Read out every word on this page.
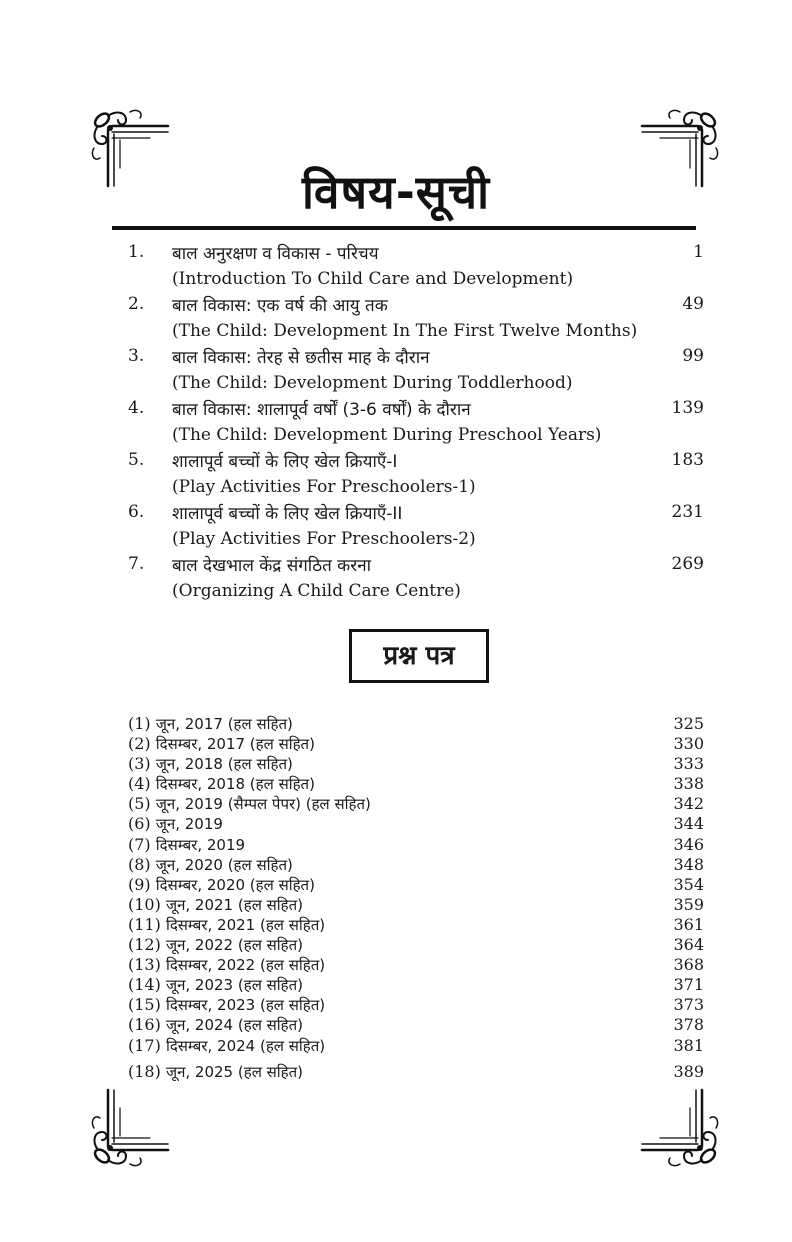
विषय-सूची
1. बाल अनुरक्षण व विकास - परिचय	1
(Introduction To Child Care and Development)
2. बाल विकास: एक वर्ष की आयु तक	49
(The Child: Development In The First Twelve Months)
3. बाल विकास: तेरह से छतीस माह के दौरान	99
(The Child: Development During Toddlerhood)
4. बाल विकास: शालापूर्व वर्षों (3-6 वर्षों) के दौरान	139
(The Child: Development During Preschool Years)
5. शालापूर्व बच्चों के लिए खेल क्रियाएँ-I	183
(Play Activities For Preschoolers-1)
6. शालापूर्व बच्चों के लिए खेल क्रियाएँ-II	231
(Play Activities For Preschoolers-2)
7. बाल देखभाल केंद्र संगठित करना	269
(Organizing A Child Care Centre)
प्रश्न पत्र
(1) जून, 2017 (हल सहित)	325
(2) दिसम्बर, 2017 (हल सहित)	330
(3) जून, 2018 (हल सहित)	333
(4) दिसम्बर, 2018 (हल सहित)	338
(5) जून, 2019 (सैम्पल पेपर) (हल सहित)	342
(6) जून, 2019	344
(7) दिसम्बर, 2019	346
(8) जून, 2020 (हल सहित)	348
(9) दिसम्बर, 2020 (हल सहित)	354
(10) जून, 2021 (हल सहित)	359
(11) दिसम्बर, 2021 (हल सहित)	361
(12) जून, 2022 (हल सहित)	364
(13) दिसम्बर, 2022 (हल सहित)	368
(14) जून, 2023 (हल सहित)	371
(15) दिसम्बर, 2023 (हल सहित)	373
(16) जून, 2024 (हल सहित)	378
(17) दिसम्बर, 2024 (हल सहित)	381
(18) जून, 2025 (हल सहित)	389
